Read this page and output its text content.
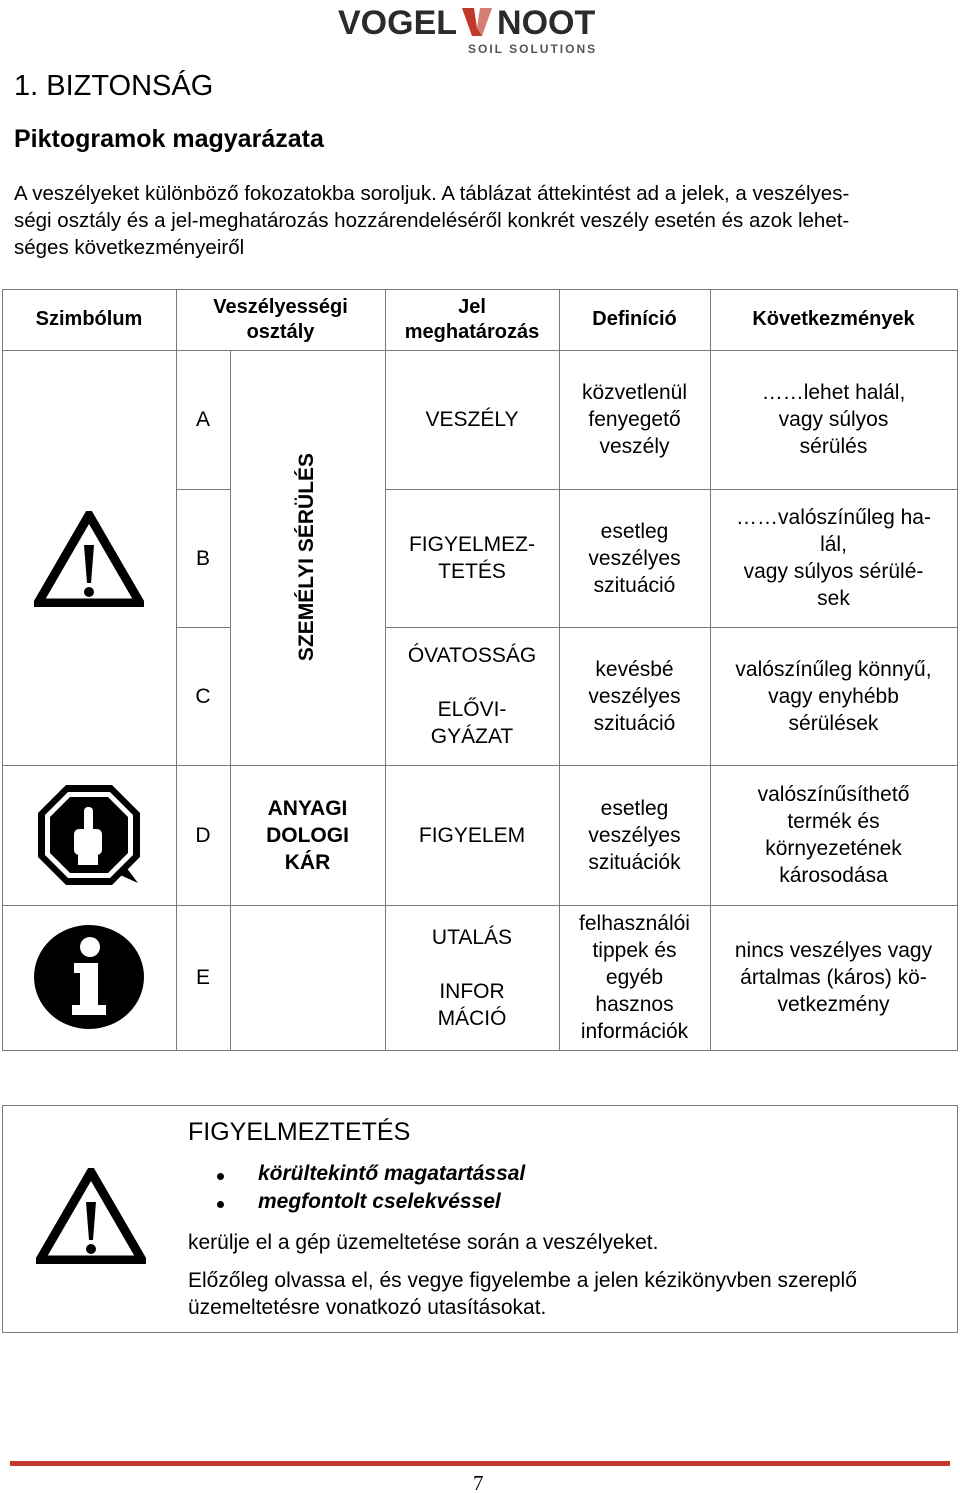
VOGEL NOOT
SOIL SOLUTIONS
1. BIZTONSÁG
Piktogramok magyarázata
A veszélyeket különböző fokozatokba soroljuk. A táblázat áttekintést ad a jelek, a veszélyes-
ségi osztály és a jel-meghatározás hozzárendeléséről konkrét veszély esetén és azok lehet-
séges következményeiről
Szimbólum
Veszélyességi
osztály
Jel
meghatározás
Definíció	Következmények
A
B
C
D
E
SZEMÉLYI SÉRÜLÉS
ANYAGI
DOLOGI
KÁR
VESZÉLY
FIGYELMEZ-
TETÉS
ÓVATOSSÁG
ELŐVI-
GYÁZAT
FIGYELEM
UTALÁS
INFOR
MÁCIÓ
közvetlenül
fenyegető
veszély
esetleg
veszélyes
szituáció
kevésbé
veszélyes
szituáció
esetleg
veszélyes
szituációk
felhasználói
tippek és
egyéb
hasznos
információk
……lehet halál,
vagy súlyos
sérülés
……valószínűleg ha-
lál,
vagy súlyos sérülé-
sek
valószínűleg könnyű,
vagy enyhébb
sérülések
valószínűsíthető
termék és
környezetének
károsodása
nincs veszélyes vagy
ártalmas (káros) kö-
vetkezmény
FIGYELMEZTETÉS
körültekintő magatartással
megfontolt cselekvéssel
kerülje el a gép üzemeltetése során a veszélyeket.
Előzőleg olvassa el, és vegye figyelembe a jelen kézikönyvben szereplő
üzemeltetésre vonatkozó utasításokat.
7
